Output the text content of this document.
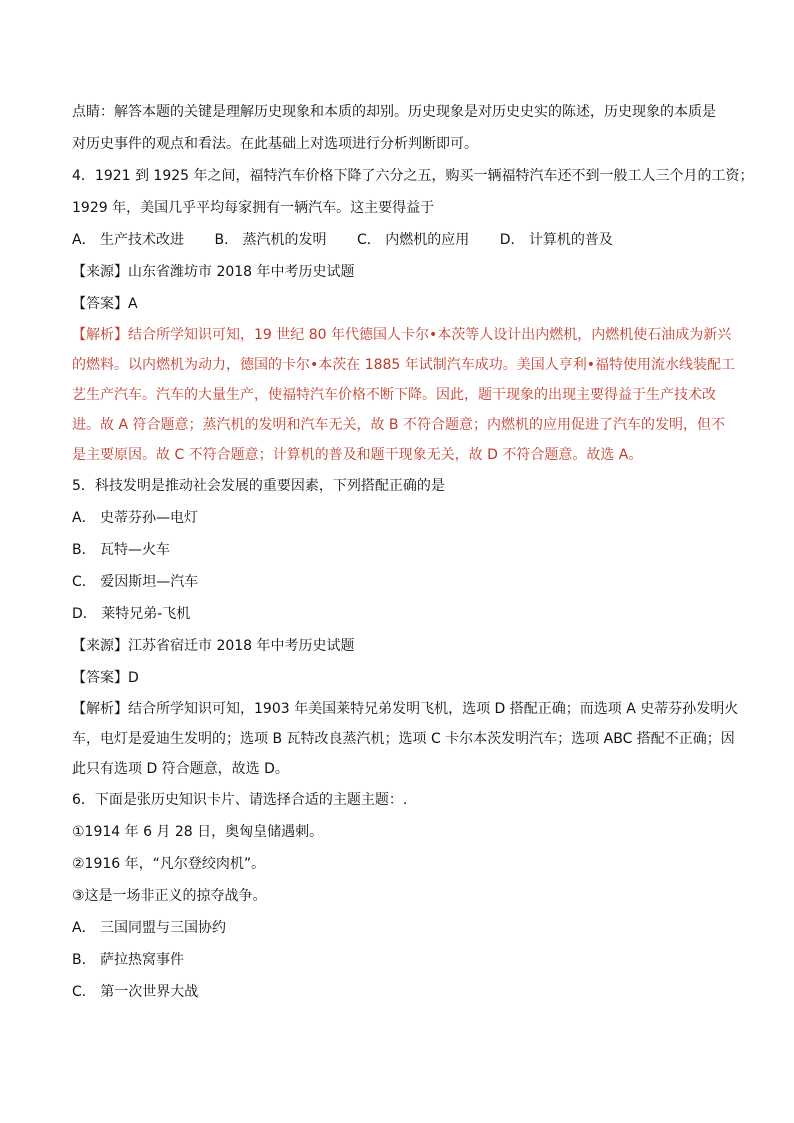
点睛：解答本题的关键是理解历史现象和本质的却别。历史现象是对历史史实的陈述，历史现象的本质是
对历史事件的观点和看法。在此基础上对选项进行分析判断即可。
4．1921 到 1925 年之间，福特汽车价格下降了六分之五，购买一辆福特汽车还不到一般工人三个月的工资；
1929 年，美国几乎平均每家拥有一辆汽车。这主要得益于
A． 生产技术改进 B． 蒸汽机的发明 C． 内燃机的应用 D． 计算机的普及
【来源】山东省潍坊市 2018 年中考历史试题
【答案】A
【解析】结合所学知识可知，19 世纪 80 年代德国人卡尔•本茨等人设计出内燃机，内燃机使石油成为新兴
的燃料。以内燃机为动力，德国的卡尔•本茨在 1885 年试制汽车成功。美国人亨利•福特使用流水线装配工
艺生产汽车。汽车的大量生产，使福特汽车价格不断下降。因此，题干现象的出现主要得益于生产技术改
进。故 A 符合题意；蒸汽机的发明和汽车无关，故 B 不符合题意；内燃机的应用促进了汽车的发明，但不
是主要原因。故 C 不符合题意；计算机的普及和题干现象无关，故 D 不符合题意。故选 A。
5．科技发明是推动社会发展的重要因素，下列搭配正确的是
A． 史蒂芬孙—电灯
B． 瓦特—火车
C． 爱因斯坦—汽车
D． 莱特兄弟-飞机
【来源】江苏省宿迁市 2018 年中考历史试题
【答案】D
【解析】结合所学知识可知，1903 年美国莱特兄弟发明飞机，选项 D 搭配正确；而选项 A 史蒂芬孙发明火
车，电灯是爱迪生发明的；选项 B 瓦特改良蒸汽机；选项 C 卡尔本茨发明汽车；选项 ABC 搭配不正确；因
此只有选项 D 符合题意，故选 D。
6．下面是张历史知识卡片、请选择合适的主题主题：.
①1914 年 6 月 28 日，奥匈皇储遇刺。
②1916 年，“凡尔登绞肉机”。
③这是一场非正义的掠夺战争。
A． 三国同盟与三国协约
B． 萨拉热窝事件
C． 第一次世界大战
